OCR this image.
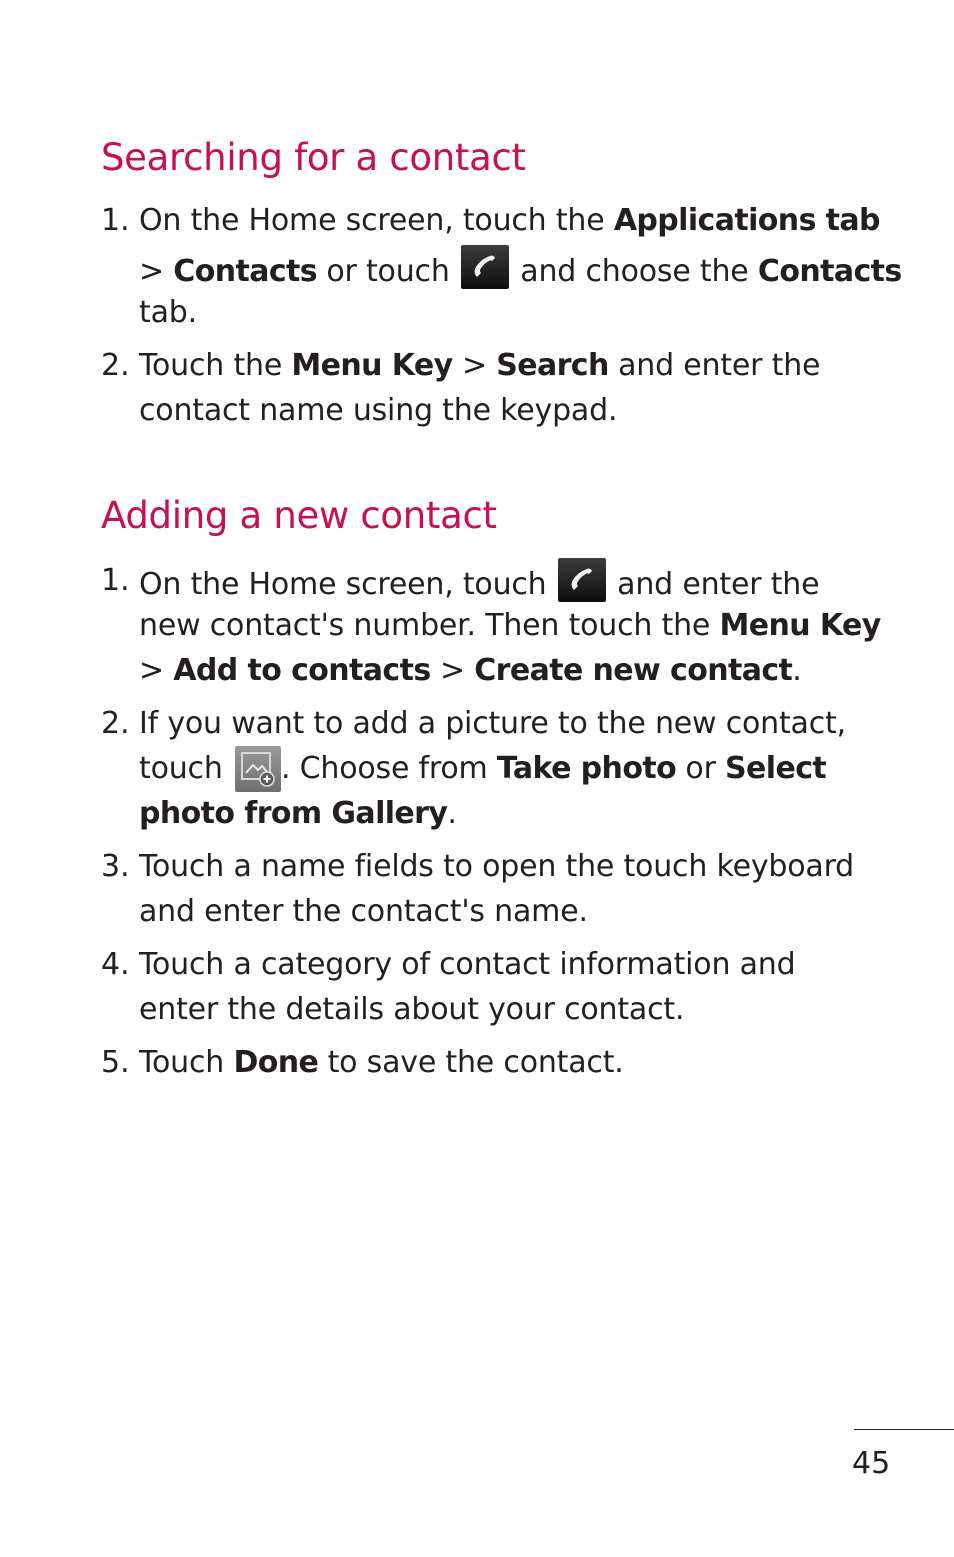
Searching for a contact
1. On the Home screen, touch the Applications tab
> Contacts or touch
and choose the Contacts
tab.
2. Touch the Menu Key > Search and enter the
contact name using the keypad.
Adding a new contact
1. On the Home screen, touch
and enter the
new contact's number. Then touch the Menu Key
> Add to contacts > Create new contact.
2. If you want to add a picture to the new contact,
touch
. Choose from Take photo or Select
photo from Gallery.
3. Touch a name fields to open the touch keyboard
and enter the contact's name.
4. Touch a category of contact information and
enter the details about your contact.
5. Touch Done to save the contact.
45
